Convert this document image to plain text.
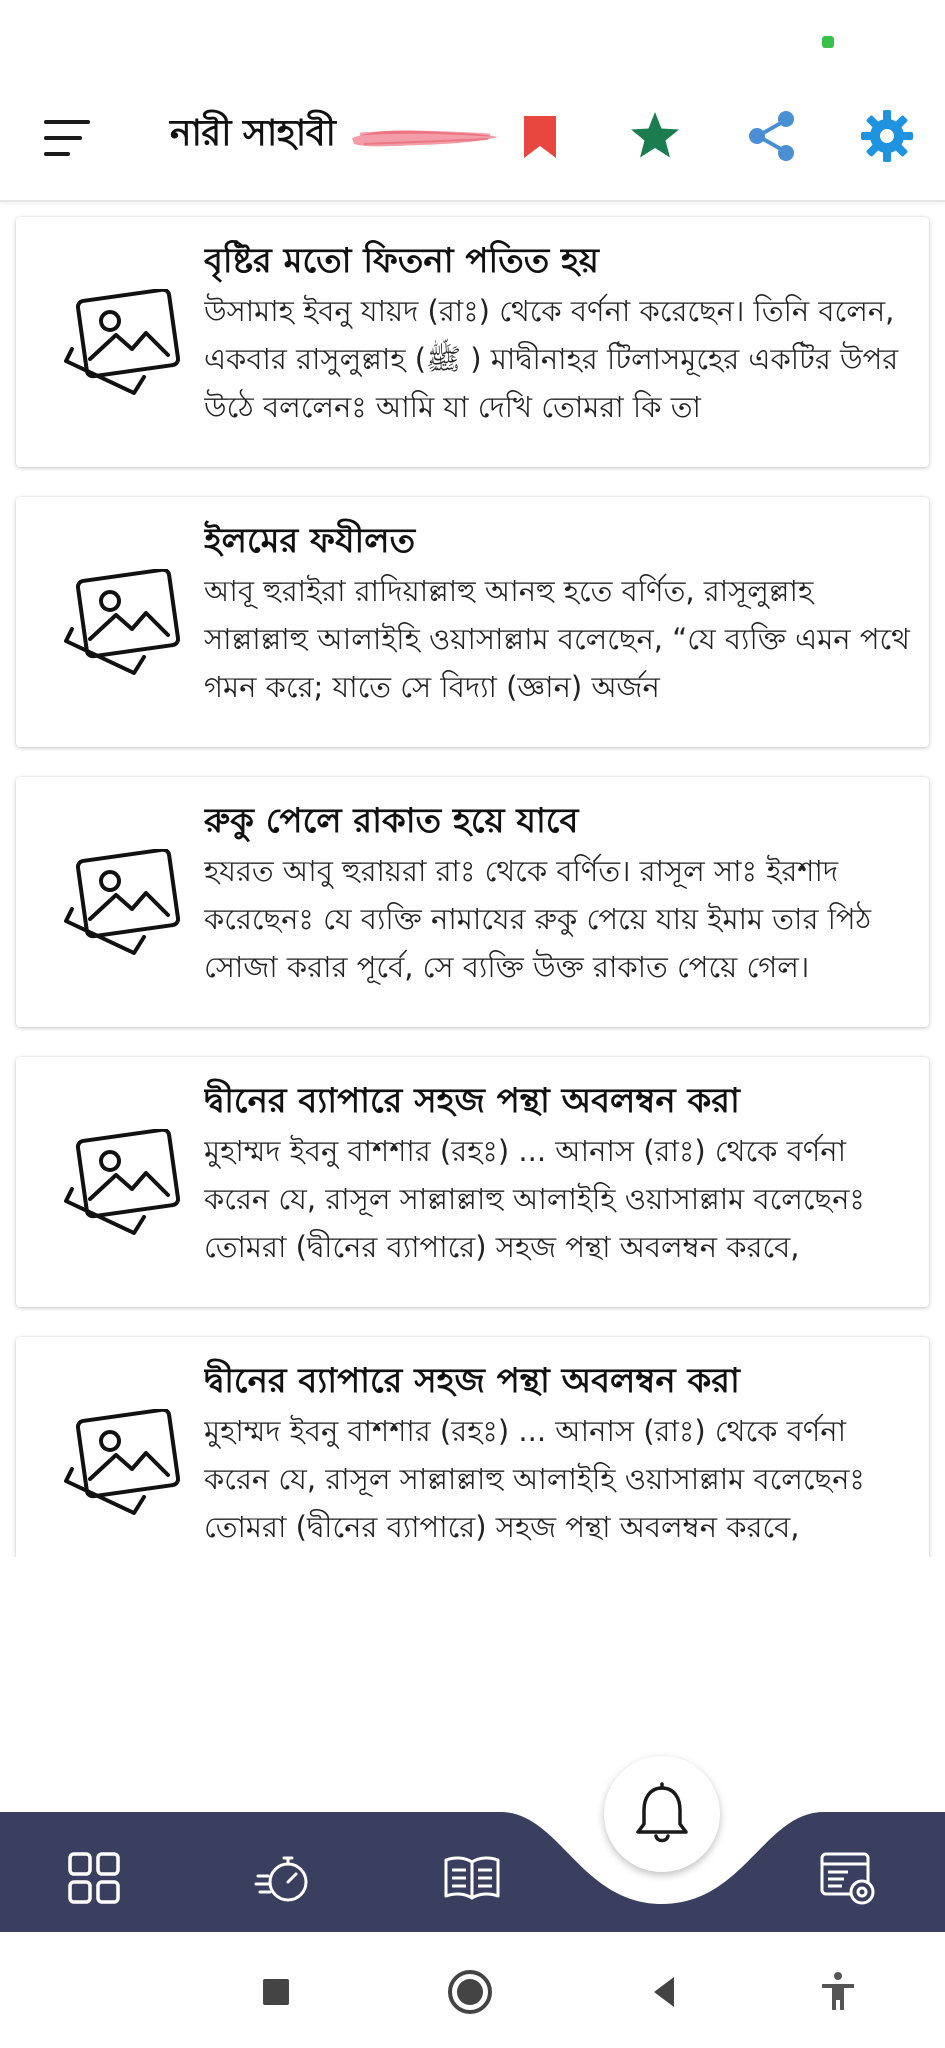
নারী সাহাবী
বৃষ্টির মতো ফিতনা পতিত হয়
উসামাহ ইবনু যায়দ (রাঃ) থেকে বর্ণনা করেছেন। তিনি বলেন, একবার রাসুলুল্লাহ (ﷺ ) মাদ্বীনাহর টিলাসমূহের একটির উপর উঠে বললেনঃ আমি যা দেখি তোমরা কি তা
ইলমের ফযীলত
আবূ হুরাইরা রাদিয়াল্লাহু আনহু হতে বর্ণিত, রাসূলুল্লাহ সাল্লাল্লাহু আলাইহি ওয়াসাল্লাম বলেছেন, “যে ব্যক্তি এমন পথে গমন করে; যাতে সে বিদ্যা (জ্ঞান) অর্জন
রুকু পেলে রাকাত হয়ে যাবে
হযরত আবু হুরায়রা রাঃ থেকে বর্ণিত। রাসূল সাঃ ইরশাদ করেছেনঃ যে ব্যক্তি নামাযের রুকু পেয়ে যায় ইমাম তার পিঠ সোজা করার পূর্বে, সে ব্যক্তি উক্ত রাকাত পেয়ে গেল।
দ্বীনের ব্যাপারে সহজ পন্থা অবলম্বন করা
মুহাম্মদ ইবনু বাশশার (রহঃ) ... আনাস (রাঃ) থেকে বর্ণনা করেন যে, রাসূল সাল্লাল্লাহু আলাইহি ওয়াসাল্লাম বলেছেনঃ তোমরা (দ্বীনের ব্যাপারে) সহজ পন্থা অবলম্বন করবে,
দ্বীনের ব্যাপারে সহজ পন্থা অবলম্বন করা
মুহাম্মদ ইবনু বাশশার (রহঃ) ... আনাস (রাঃ) থেকে বর্ণনা করেন যে, রাসূল সাল্লাল্লাহু আলাইহি ওয়াসাল্লাম বলেছেনঃ তোমরা (দ্বীনের ব্যাপারে) সহজ পন্থা অবলম্বন করবে,
